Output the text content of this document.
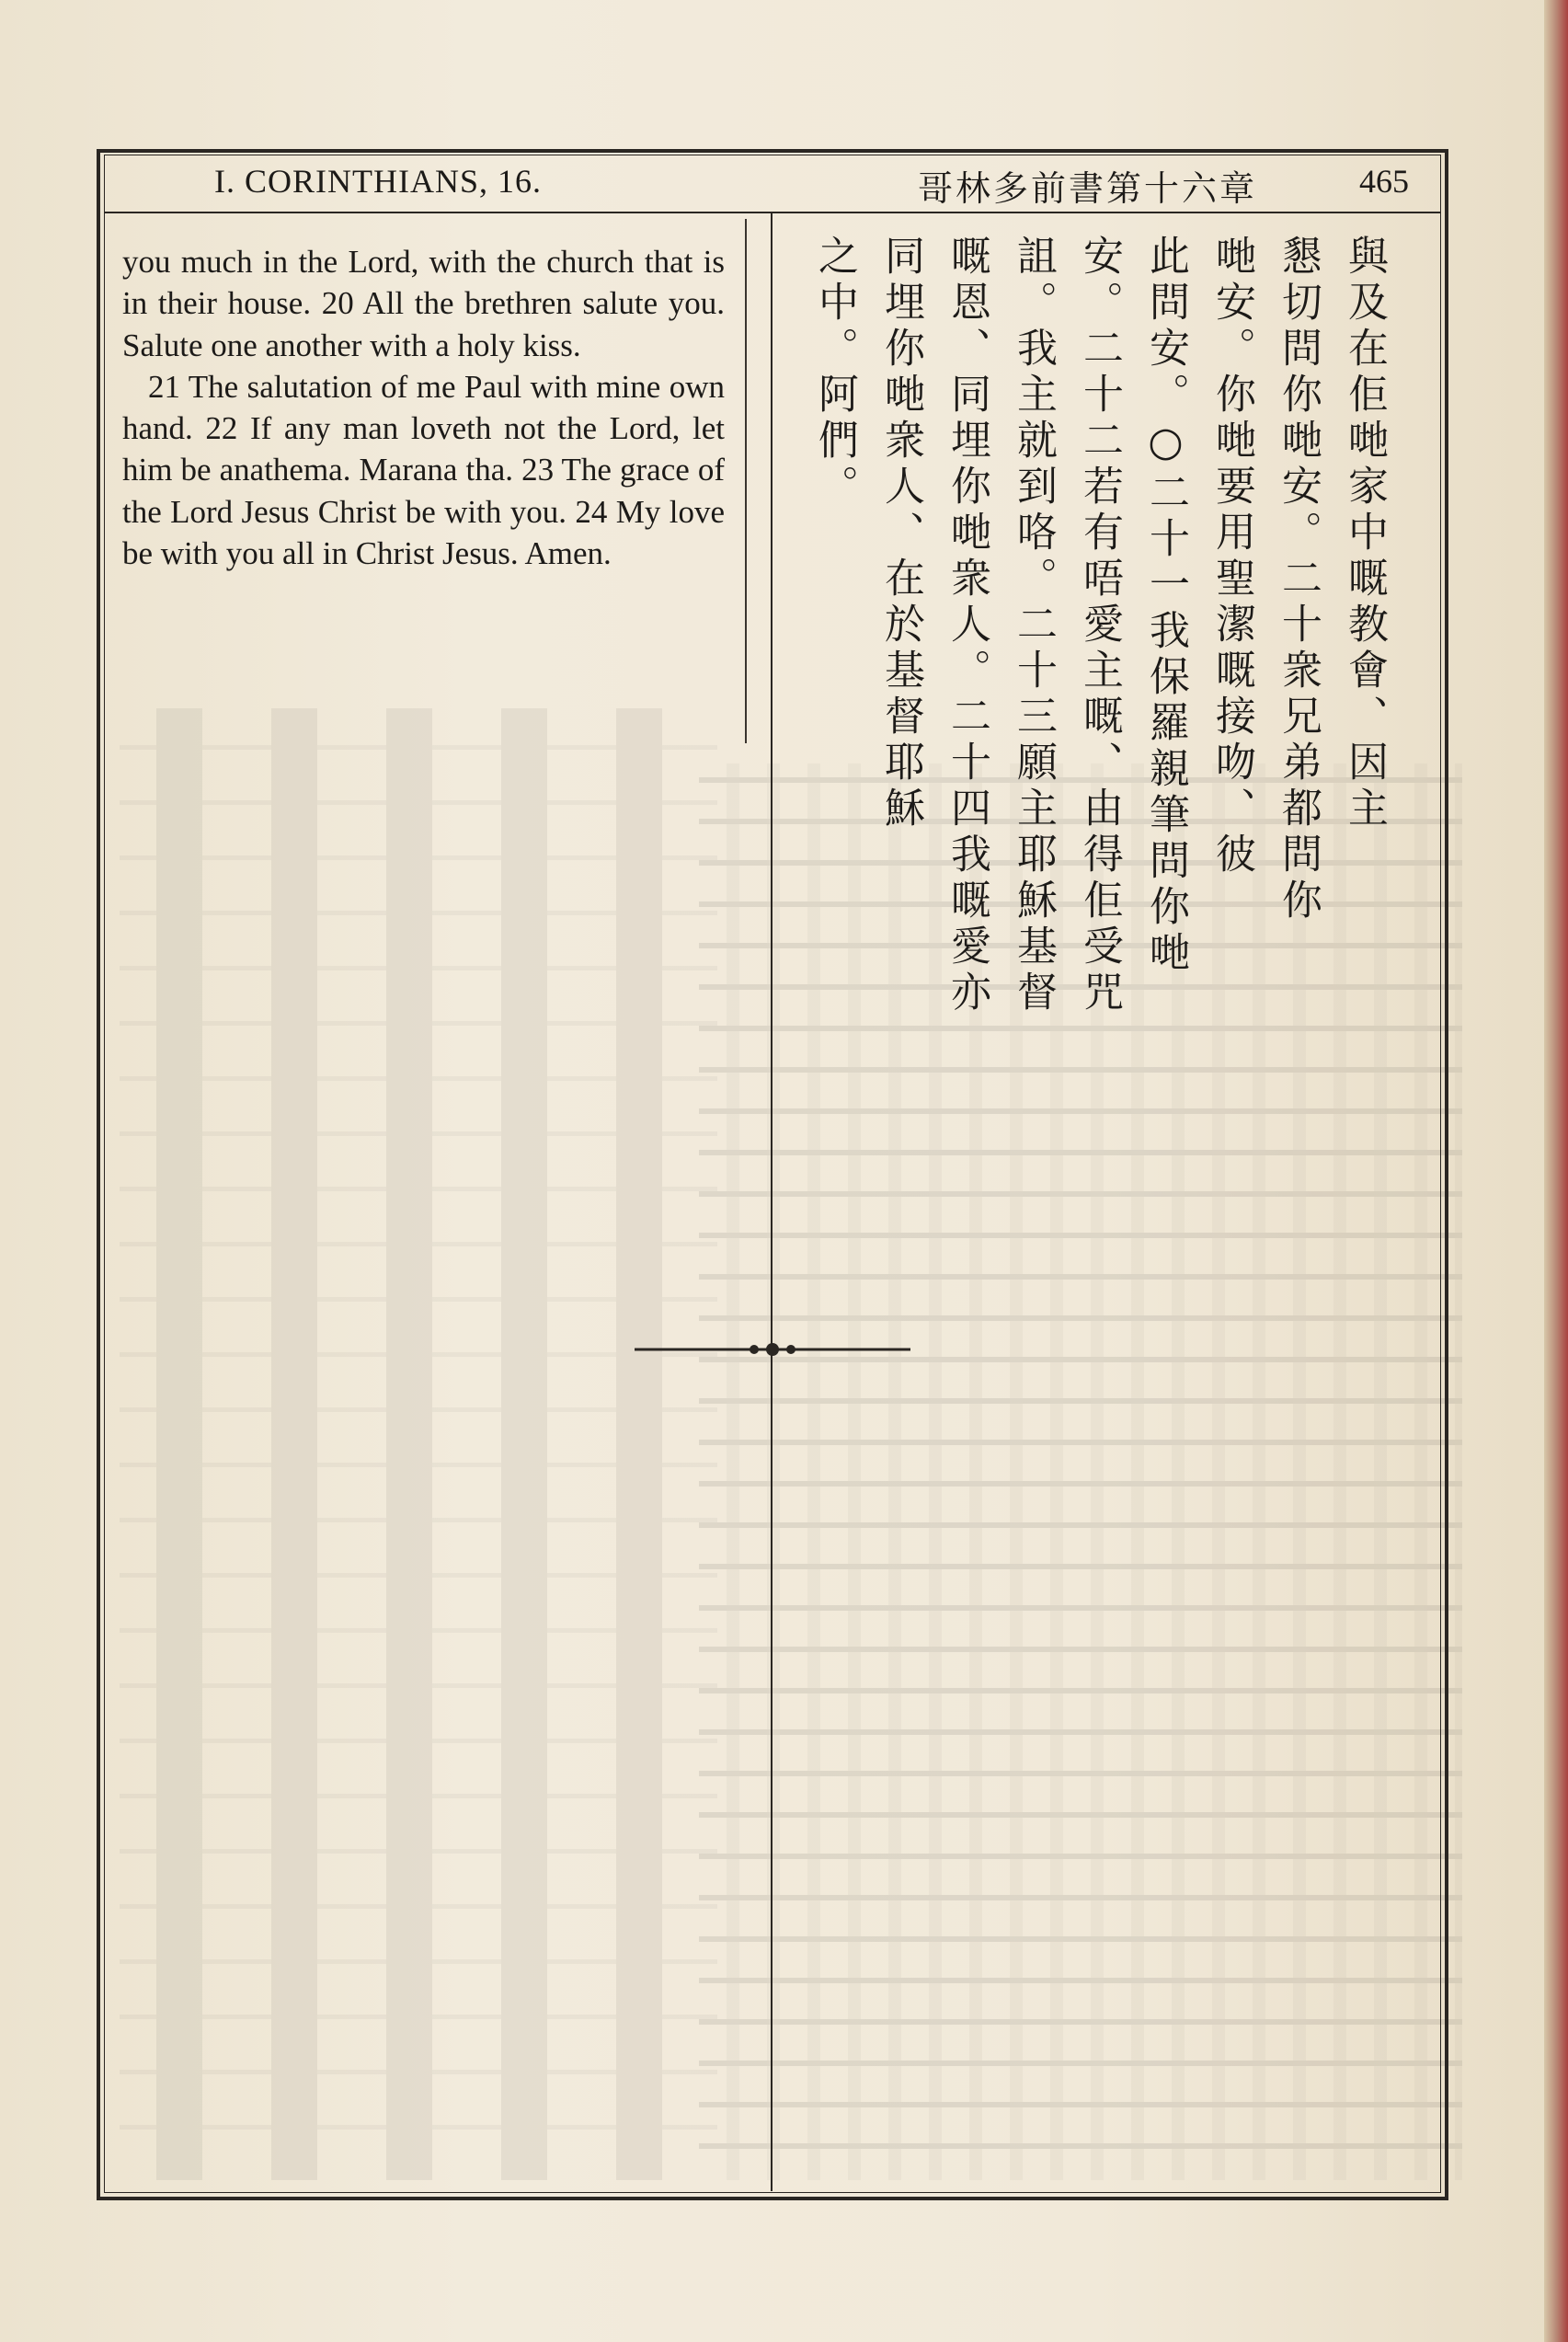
I. CORINTHIANS, 16.	哥林多前書第十六章	465

you much in the Lord, with the church that is in their house. 20 All the brethren salute you. Salute one another with a holy kiss.

21 The salutation of me Paul with mine own hand. 22 If any man loveth not the Lord, let him be anathema. Marana tha. 23 The grace of the Lord Jesus Christ be with you. 24 My love be with you all in Christ Jesus. Amen.	與及在佢哋家中嘅教會、因主
懇切問你哋安。二十衆兄弟都問你
哋安。你哋要用聖潔嘅接吻、彼
此問安。○二十一我保羅親筆問你哋
安。二十二若有唔愛主嘅、由得佢受咒
詛。我主就到咯。二十三願主耶穌基督
嘅恩、同埋你哋衆人。二十四我嘅愛亦
同埋你哋衆人、在於基督耶穌
之中。阿們。
